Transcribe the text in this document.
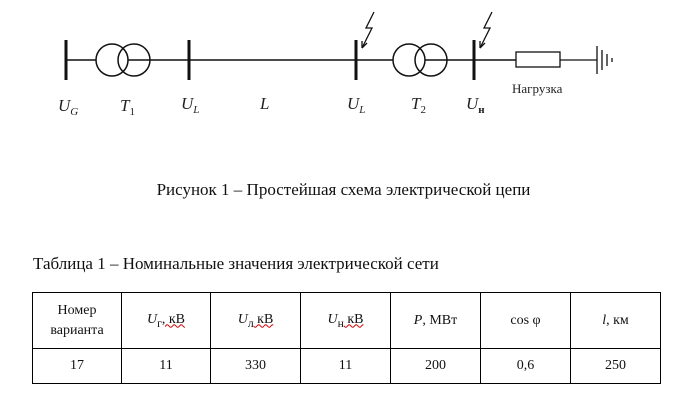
Нагрузка
$U_G$ $T_1$	$U_L$	L	$U_L$	$T_2$ $U_н$
Рисунок 1 – Простейшая схема электрической цепи
Таблица 1 – Номинальные значения электрической сети
Номер варианта	$U_г$, кВ	$U_л$ кВ	$U_н$ кВ	P, МВт	cos φ	l, км
17	11	330	11	200	0,6	250
